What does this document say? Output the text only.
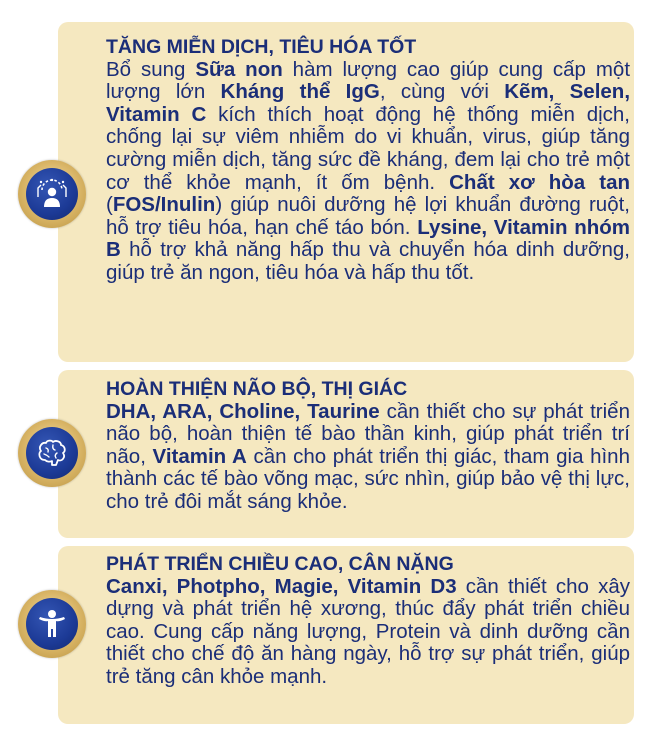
TĂNG MIỄN DỊCH, TIÊU HÓA TỐT
Bổ sung Sữa non hàm lượng cao giúp cung cấp một lượng lớn Kháng thể IgG, cùng với Kẽm, Selen, Vitamin C kích thích hoạt động hệ thống miễn dịch, chống lại sự viêm nhiễm do vi khuẩn, virus, giúp tăng cường miễn dịch, tăng sức đề kháng, đem lại cho trẻ một cơ thể khỏe mạnh, ít ốm bệnh. Chất xơ hòa tan (FOS/Inulin) giúp nuôi dưỡng hệ lợi khuẩn đường ruột, hỗ trợ tiêu hóa, hạn chế táo bón. Lysine, Vitamin nhóm B hỗ trợ khả năng hấp thu và chuyển hóa dinh dưỡng, giúp trẻ ăn ngon, tiêu hóa và hấp thu tốt.
HOÀN THIỆN NÃO BỘ, THỊ GIÁC
DHA, ARA, Choline, Taurine cần thiết cho sự phát triển não bộ, hoàn thiện tế bào thần kinh, giúp phát triển trí não, Vitamin A cần cho phát triển thị giác, tham gia hình thành các tế bào võng mạc, sức nhìn, giúp bảo vệ thị lực, cho trẻ đôi mắt sáng khỏe.
PHÁT TRIỂN CHIỀU CAO, CÂN NẶNG
Canxi, Photpho, Magie, Vitamin D3 cần thiết cho xây dựng và phát triển hệ xương, thúc đẩy phát triển chiều cao. Cung cấp năng lượng, Protein và dinh dưỡng cần thiết cho chế độ ăn hàng ngày, hỗ trợ sự phát triển, giúp trẻ tăng cân khỏe mạnh.
